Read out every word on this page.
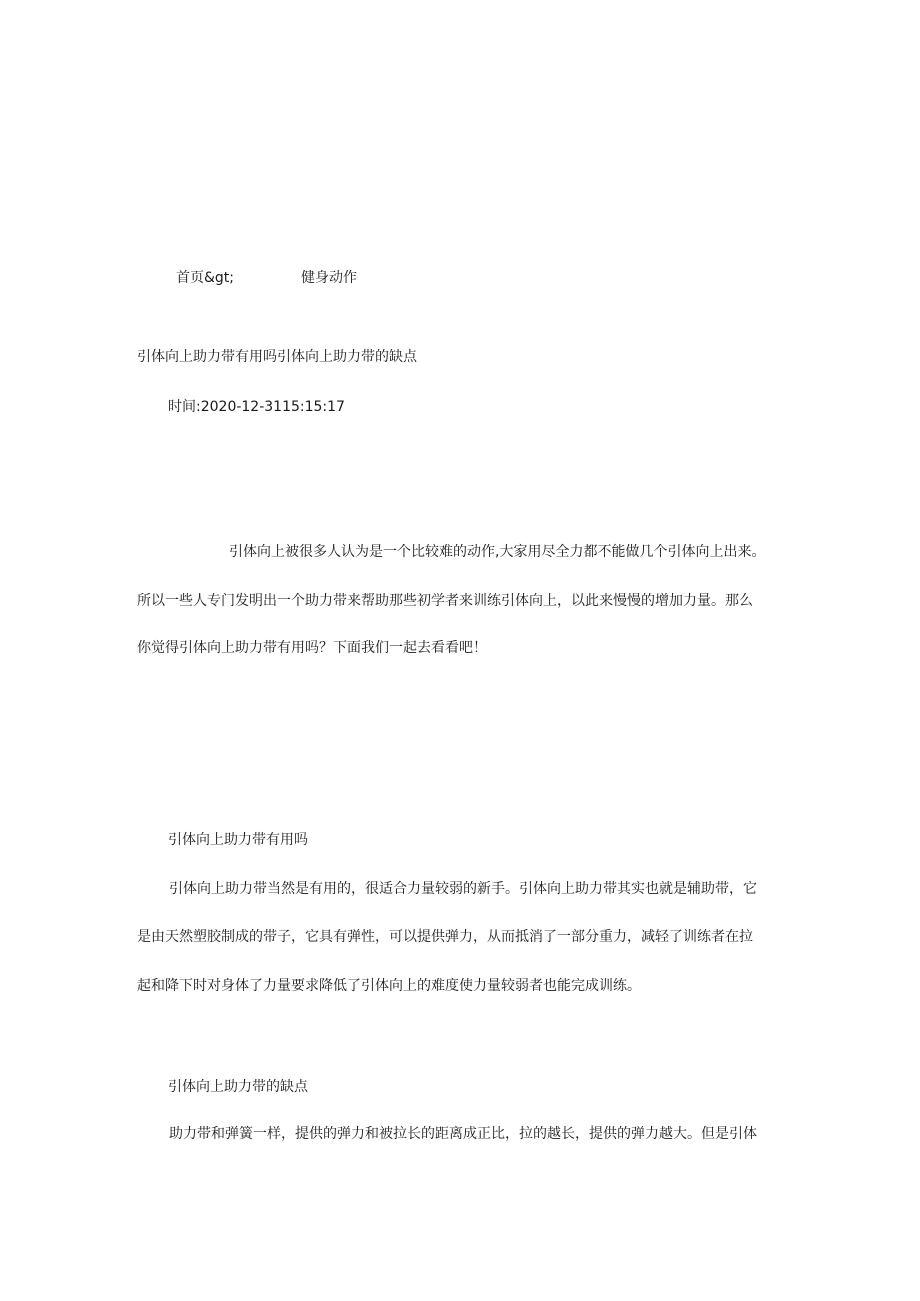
首页&gt;	健身动作
引体向上助力带有用吗引体向上助力带的缺点
时间:2020-12-3115:15:17
引体向上被很多人认为是一个比较难的动作,大家用尽全力都不能做几个引体向上出来。
所以一些人专门发明出一个助力带来帮助那些初学者来训练引体向上，以此来慢慢的增加力量。那么
你觉得引体向上助力带有用吗？下面我们一起去看看吧！
引体向上助力带有用吗
引体向上助力带当然是有用的，很适合力量较弱的新手。引体向上助力带其实也就是辅助带，它
是由天然塑胶制成的带子，它具有弹性，可以提供弹力，从而抵消了一部分重力，减轻了训练者在拉
起和降下时对身体了力量要求降低了引体向上的难度使力量较弱者也能完成训练。
引体向上助力带的缺点
助力带和弹簧一样，提供的弹力和被拉长的距离成正比，拉的越长，提供的弹力越大。但是引体
